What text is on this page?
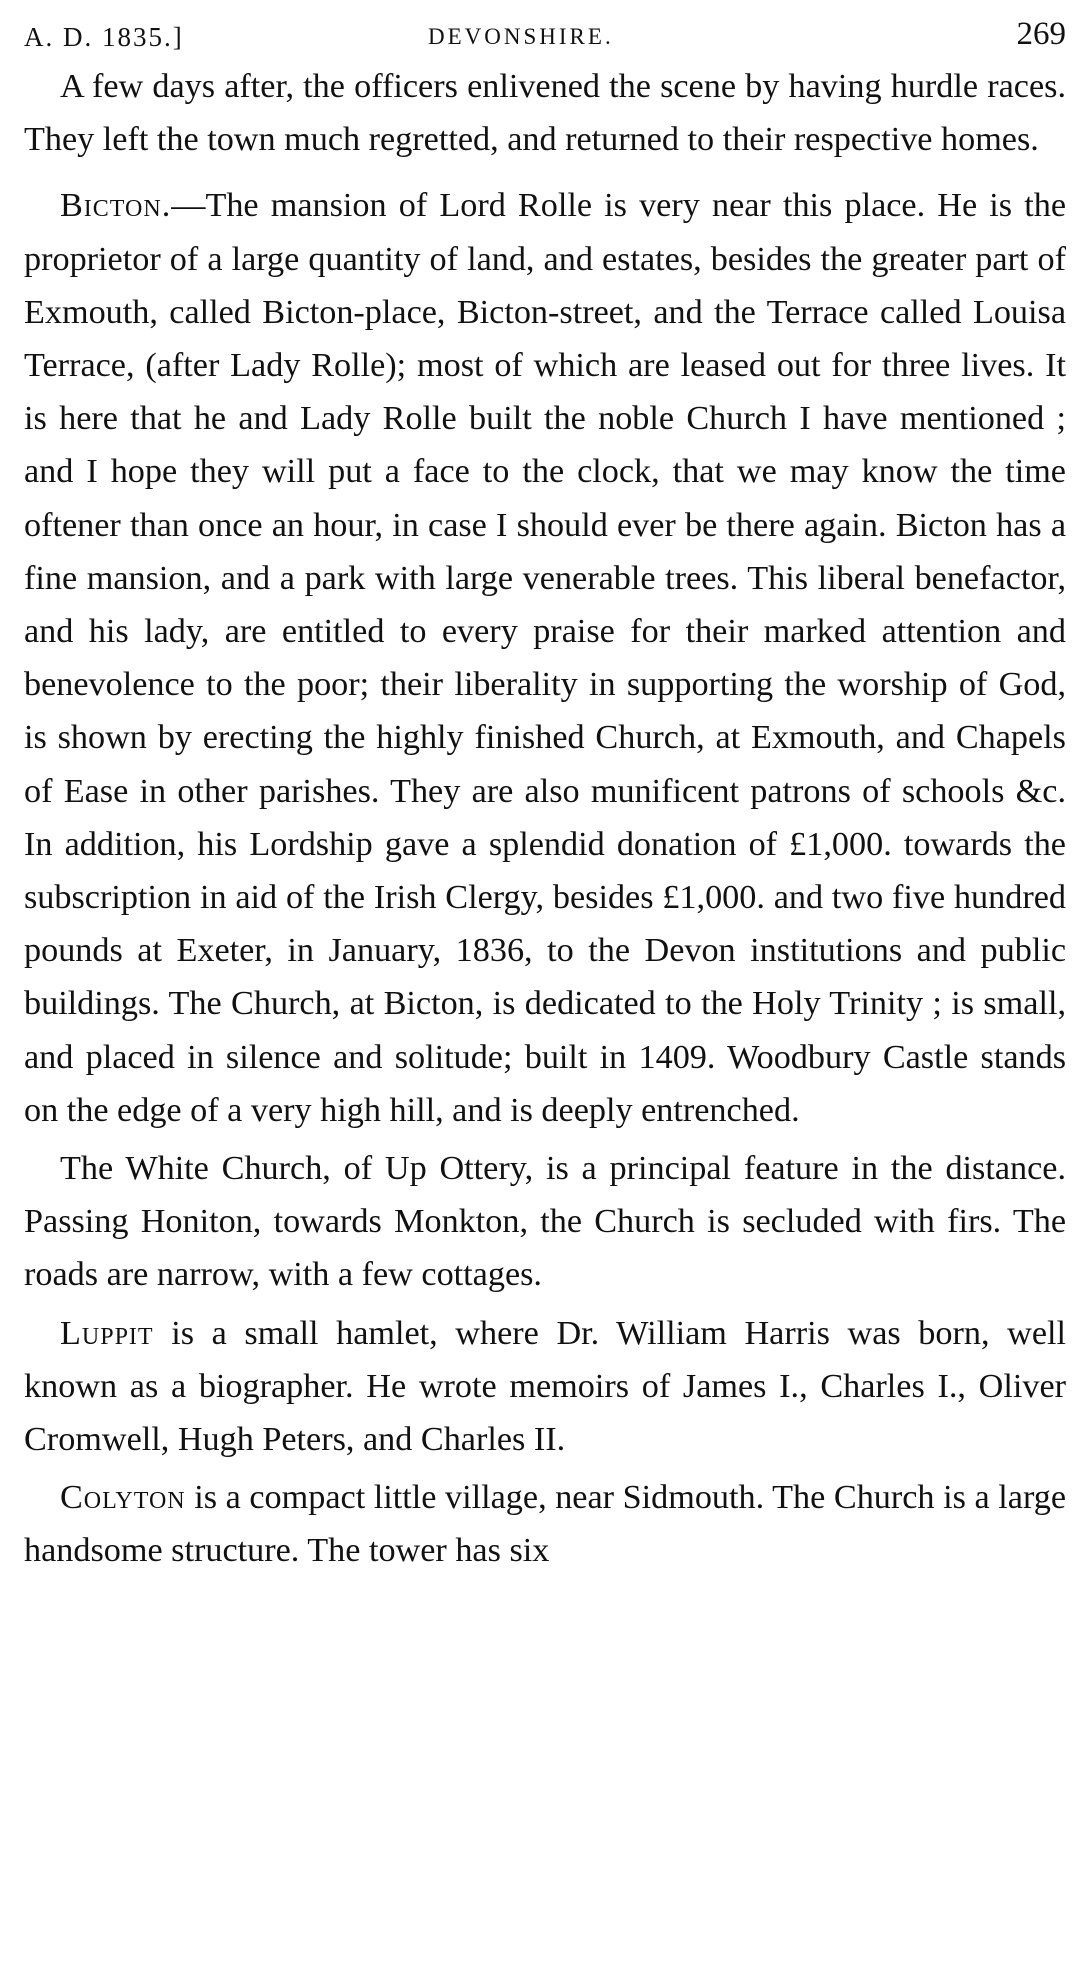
A. D. 1835.]	DEVONSHIRE.	269

A few days after, the officers enlivened the scene by having hurdle races. They left the town much regretted, and returned to their respective homes.

Bicton.—The mansion of Lord Rolle is very near this place. He is the proprietor of a large quantity of land, and estates, besides the greater part of Exmouth, called Bicton-place, Bicton-street, and the Terrace called Louisa Terrace, (after Lady Rolle); most of which are leased out for three lives. It is here that he and Lady Rolle built the noble Church I have mentioned ; and I hope they will put a face to the clock, that we may know the time oftener than once an hour, in case I should ever be there again. Bicton has a fine mansion, and a park with large venerable trees. This liberal benefactor, and his lady, are entitled to every praise for their marked attention and benevolence to the poor; their liberality in supporting the worship of God, is shown by erecting the highly finished Church, at Exmouth, and Chapels of Ease in other parishes. They are also munificent patrons of schools &c. In addition, his Lordship gave a splendid donation of £1,000. towards the subscription in aid of the Irish Clergy, besides £1,000. and two five hundred pounds at Exeter, in January, 1836, to the Devon institutions and public buildings. The Church, at Bicton, is dedicated to the Holy Trinity ; is small, and placed in silence and solitude; built in 1409. Woodbury Castle stands on the edge of a very high hill, and is deeply entrenched.

The White Church, of Up Ottery, is a principal feature in the distance. Passing Honiton, towards Monkton, the Church is secluded with firs. The roads are narrow, with a few cottages.

Luppit is a small hamlet, where Dr. William Harris was born, well known as a biographer. He wrote memoirs of James I., Charles I., Oliver Cromwell, Hugh Peters, and Charles II.

Colyton is a compact little village, near Sidmouth. The Church is a large handsome structure. The tower has six
